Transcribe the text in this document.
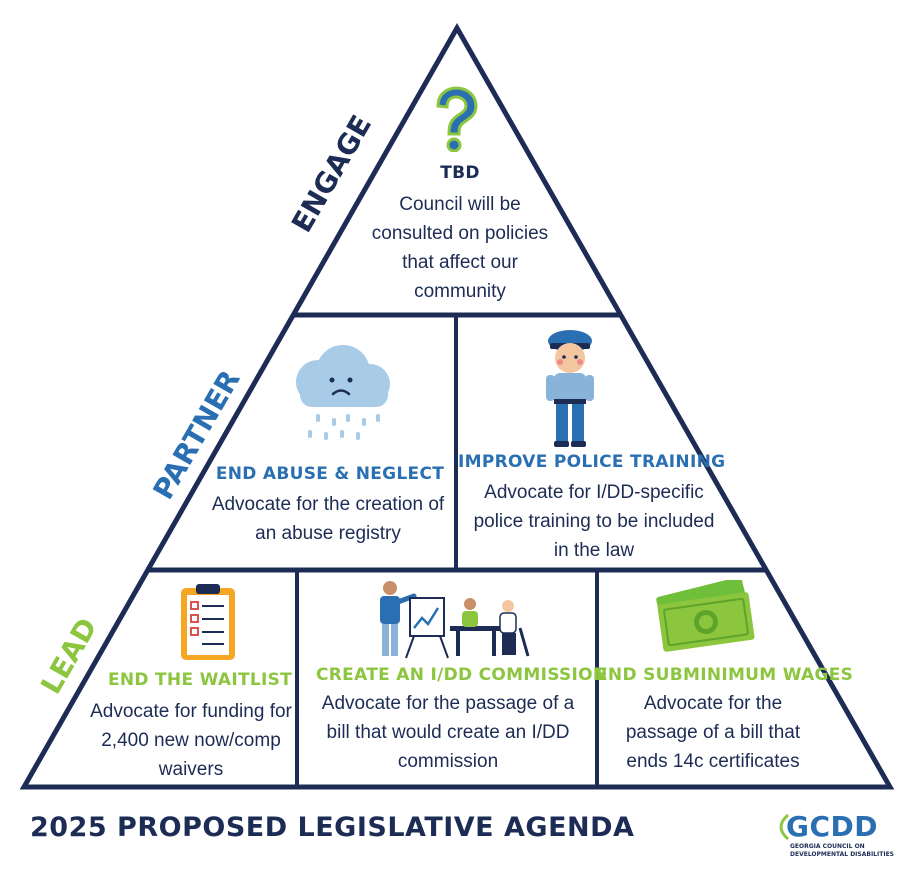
ENGAGE
PARTNER
LEAD
TBD
Council will be consulted on policies that affect our community
END ABUSE & NEGLECT
Advocate for the creation of an abuse registry
IMPROVE POLICE TRAINING
Advocate for I/DD-specific police training to be included in the law
END THE WAITLIST
Advocate for funding for 2,400 new now/comp waivers
CREATE AN I/DD COMMISSION
Advocate for the passage of a bill that would create an I/DD commission
END SUBMINIMUM WAGES
Advocate for the passage of a bill that ends 14c certificates
2025 PROPOSED LEGISLATIVE AGENDA	GCDD
GEORGIA COUNCIL ON
DEVELOPMENTAL DISABILITIES
